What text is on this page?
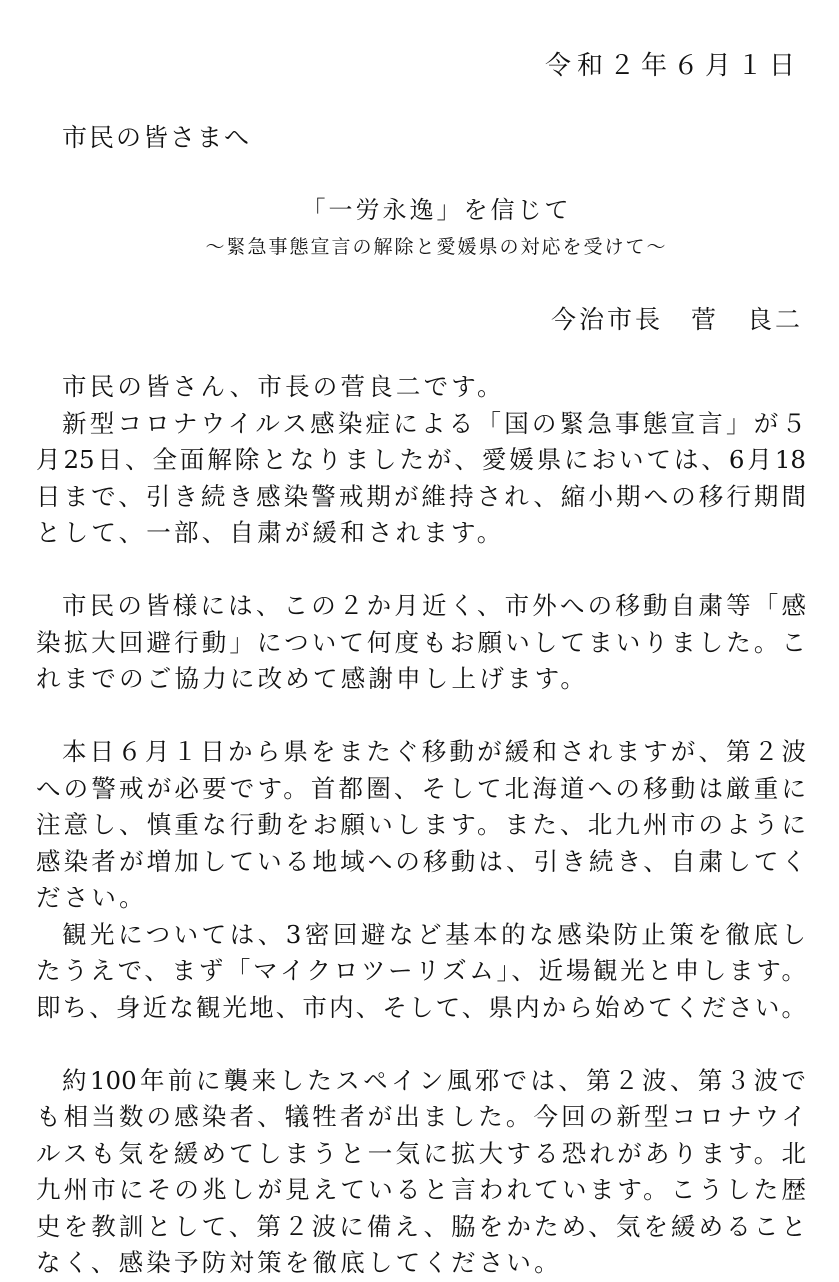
令和２年６月１日
市民の皆さまへ
「一労永逸」を信じて
～緊急事態宣言の解除と愛媛県の対応を受けて～
今治市長 菅　良二
市民の皆さん、市長の菅良二です。
新型コロナウイルス感染症による「国の緊急事態宣言」が５
月25日、全面解除となりましたが、愛媛県においては、6月18
日まで、引き続き感染警戒期が維持され、縮小期への移行期間
として、一部、自粛が緩和されます。
市民の皆様には、この２か月近く、市外への移動自粛等「感
染拡大回避行動」について何度もお願いしてまいりました。こ
れまでのご協力に改めて感謝申し上げます。
本日６月１日から県をまたぐ移動が緩和されますが、第２波
への警戒が必要です。首都圏、そして北海道への移動は厳重に
注意し、慎重な行動をお願いします。また、北九州市のように
感染者が増加している地域への移動は、引き続き、自粛してく
ださい。
観光については、3密回避など基本的な感染防止策を徹底し
たうえで、まず「マイクロツーリズム」、近場観光と申します。
即ち、身近な観光地、市内、そして、県内から始めてください。
約100年前に襲来したスペイン風邪では、第２波、第３波で
も相当数の感染者、犠牲者が出ました。今回の新型コロナウイ
ルスも気を緩めてしまうと一気に拡大する恐れがあります。北
九州市にその兆しが見えていると言われています。こうした歴
史を教訓として、第２波に備え、脇をかため、気を緩めること
なく、感染予防対策を徹底してください。
